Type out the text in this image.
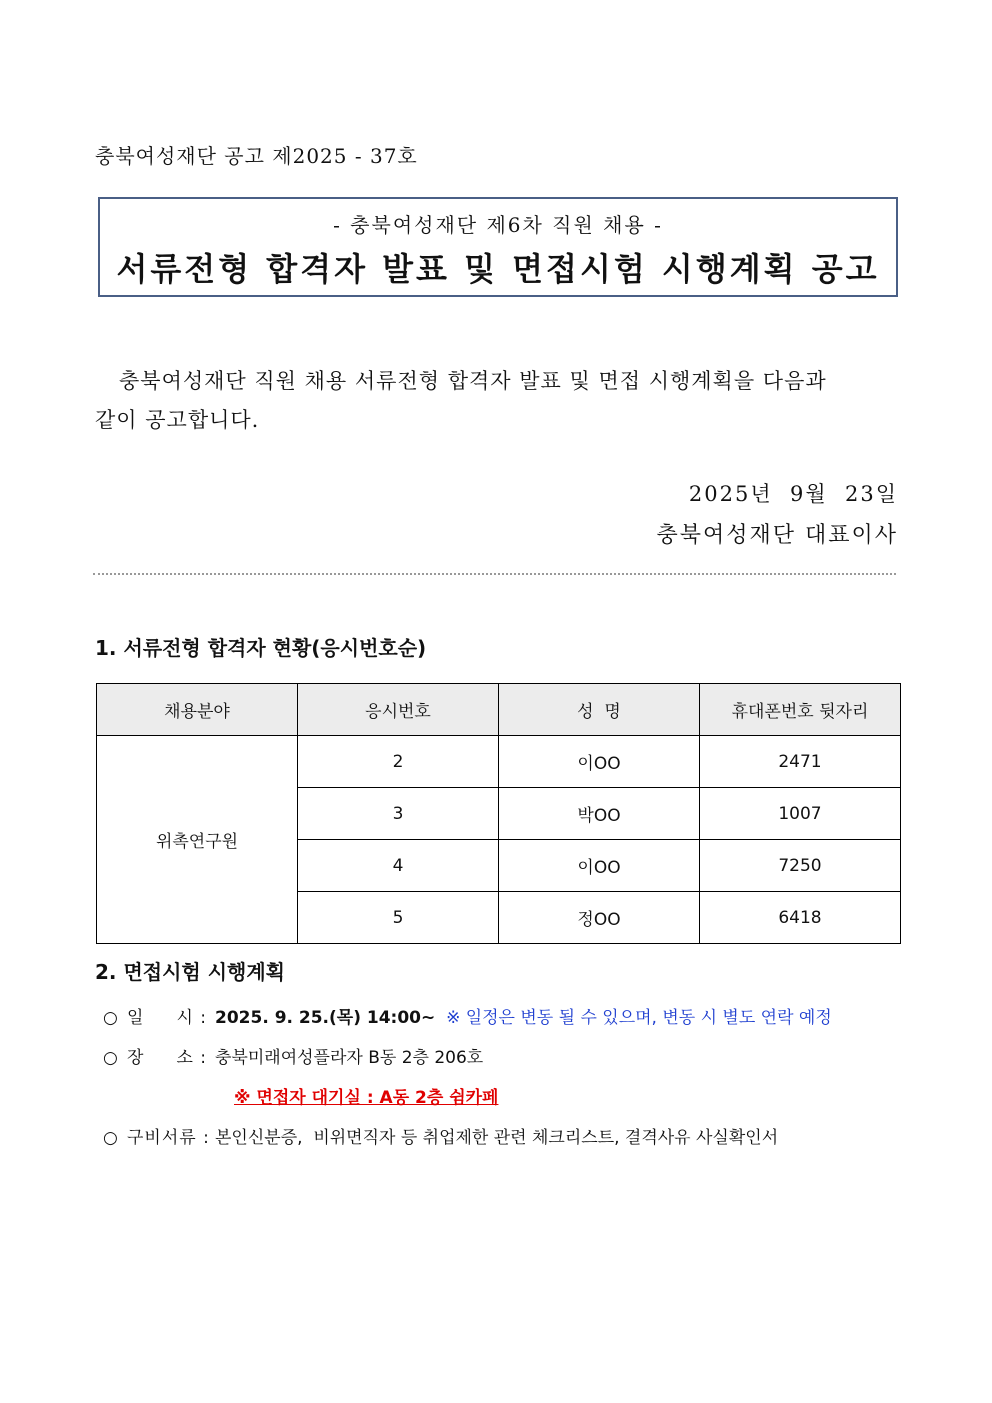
충북여성재단 공고 제2025 - 37호
- 충북여성재단 제6차 직원 채용 -
서류전형 합격자 발표 및 면접시험 시행계획 공고
충북여성재단 직원 채용 서류전형 합격자 발표 및 면접 시행계획을 다음과
같이 공고합니다.
2025년  9월  23일
충북여성재단 대표이사
1. 서류전형 합격자 현황(응시번호순)
채용분야	응시번호	성  명	휴대폰번호 뒷자리
위촉연구원	2	이OO	2471
	3	박OO	1007
	4	이OO	7250
	5	정OO	6418
2. 면접시험 시행계획
○ 일     시 : 2025. 9. 25.(목) 14:00~ ※ 일정은 변동 될 수 있으며, 변동 시 별도 연락 예정
○ 장     소 : 충북미래여성플라자 B동 2층 206호
※ 면접자 대기실 : A동 2층 쉼카페
○ 구비서류 : 본인신분증,  비위면직자 등 취업제한 관련 체크리스트, 결격사유 사실확인서
